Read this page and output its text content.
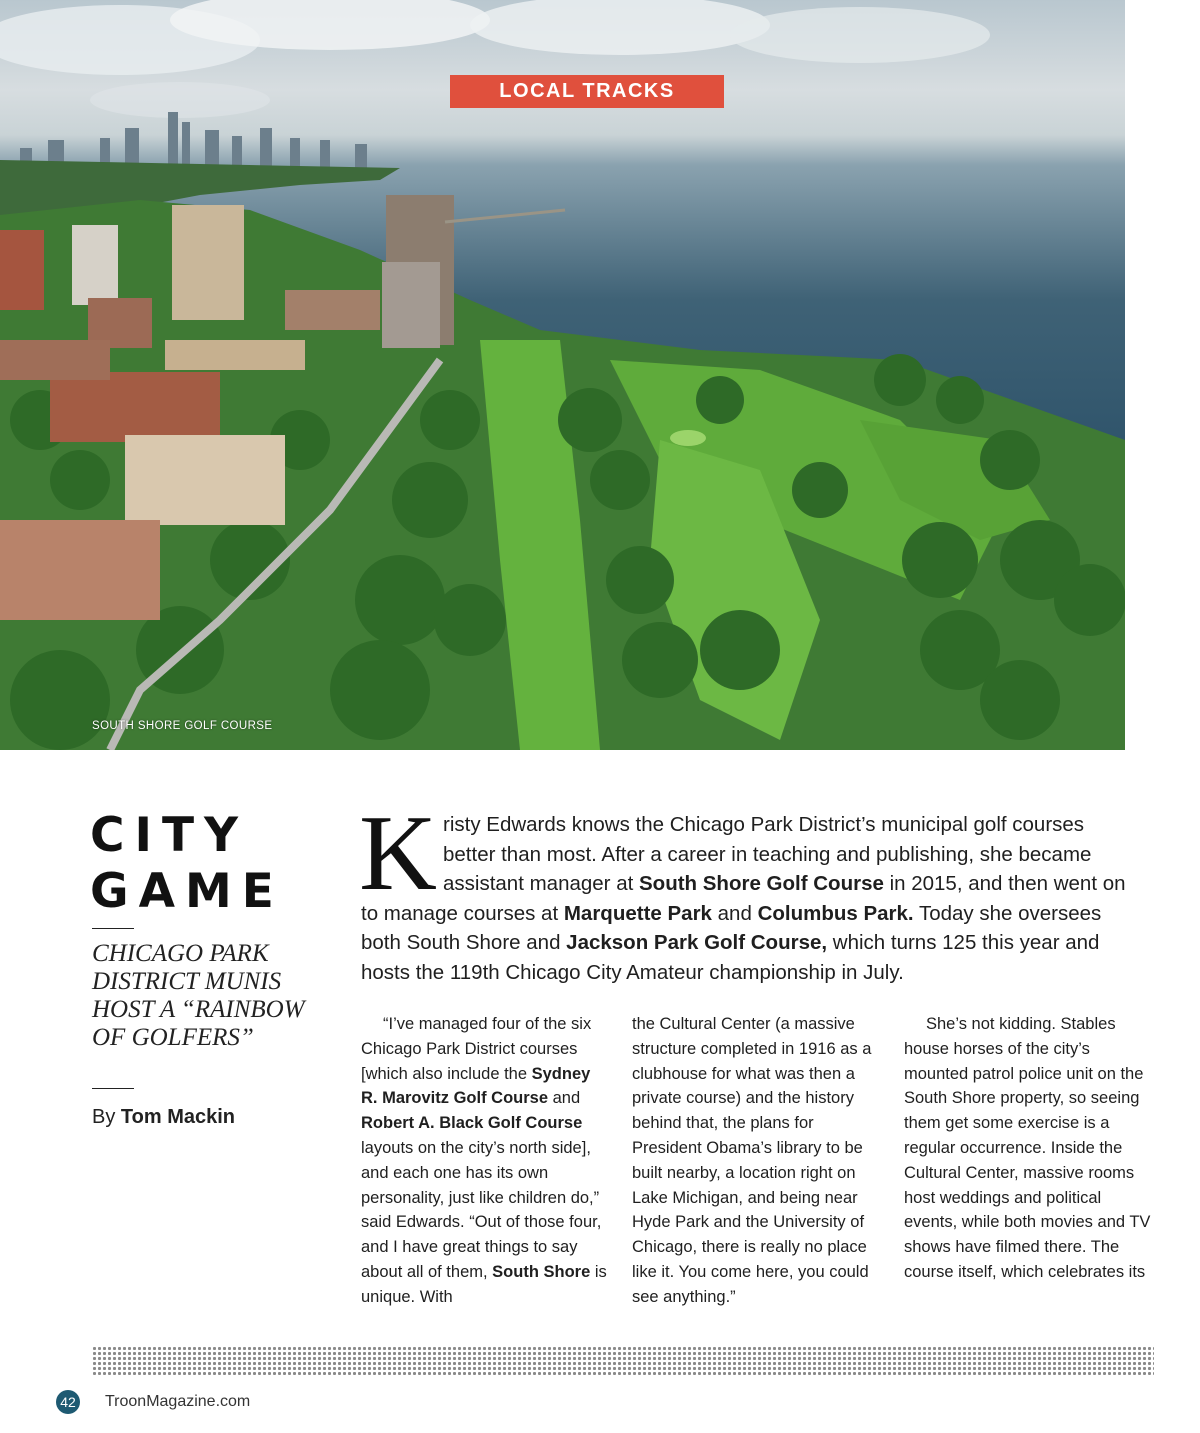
LOCAL TRACKS
SOUTH SHORE GOLF COURSE
CITY
GAME
CHICAGO PARK DISTRICT MUNIS HOST A “RAINBOW OF GOLFERS”
By Tom Mackin
Kristy Edwards knows the Chicago Park District’s municipal golf courses better than most. After a career in teaching and publishing, she became assistant manager at South Shore Golf Course in 2015, and then went on to manage courses at Marquette Park and Columbus Park. Today she oversees both South Shore and Jackson Park Golf Course, which turns 125 this year and hosts the 119th Chicago City Amateur championship in July.

“I’ve managed four of the six Chicago Park District courses [which also include the Sydney R. Marovitz Golf Course and Robert A. Black Golf Course layouts on the city’s north side], and each one has its own personality, just like children do,” said Edwards. “Out of those four, and I have great things to say about all of them, South Shore is unique. With

the Cultural Center (a massive structure completed in 1916 as a clubhouse for what was then a private course) and the history behind that, the plans for President Obama’s library to be built nearby, a location right on Lake Michigan, and being near Hyde Park and the University of Chicago, there is really no place like it. You come here, you could see anything.”

She’s not kidding. Stables house horses of the city’s mounted patrol police unit on the South Shore property, so seeing them get some exercise is a regular occurrence. Inside the Cultural Center, massive rooms host weddings and political events, while both movies and TV shows have filmed there. The course itself, which celebrates its

42 TroonMagazine.com
